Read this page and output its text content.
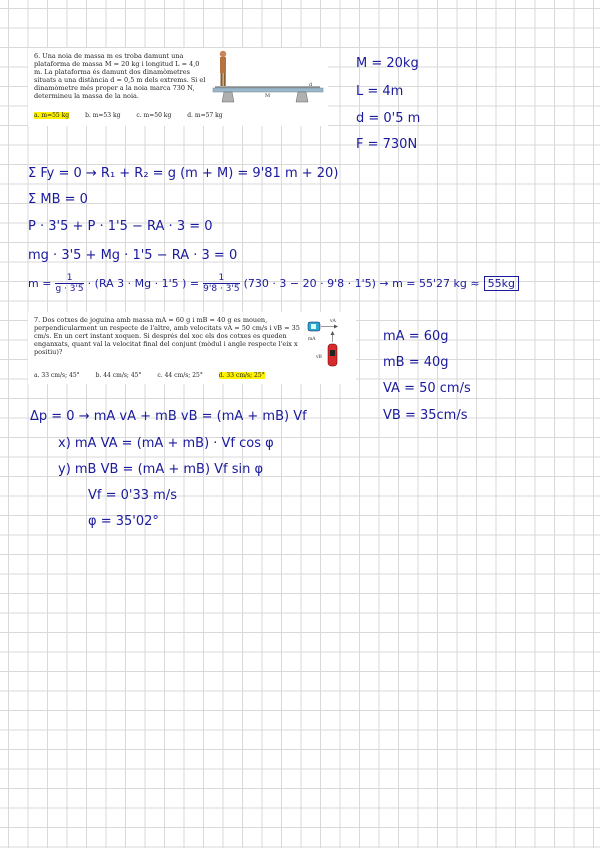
6. Una noia de massa m es troba damunt una plataforma de massa M = 20 kg i longitud L = 4,0 m. La plataforma és damunt dos dinamòmetres situats a una distància d = 0,5 m dels extrems. Si el dinamòmetre més proper a la noia marca 730 N, determineu la massa de la noia.
a. m=55 kg	b. m=53 kg	c. m=50 kg	d. m=57 kg
M
d
M = 20kg
L = 4m
d = 0'5 m
F = 730N
Σ Fy = 0 → R₁ + R₂ = g (m + M) = 9'81 m + 20)
Σ MB = 0
P · 3'5 + P · 1'5 − RA · 3 = 0
mg · 3'5 + Mg · 1'5 − RA · 3 = 0
$m = \frac{1}{g \cdot 3'5} \cdot (RA$ 3 · Mg · 1'5 ) = $\frac{1}{9'8 \cdot 3'5} (730 \cdot 3 - 20 \cdot 9'8 \cdot 1'5) \to m = 55'27$ kg ≈ 55kg
7. Dos cotxes de joguina amb massa mA = 60 g i mB = 40 g es mouen, perpendicularment un respecte de l'altre, amb velocitats vA = 50 cm/s i vB = 35 cm/s. En un cert instant xoquen. Si després del xoc els dos cotxes es queden enganxats, quant val la velocitat final del conjunt (mòdul i angle respecte l'eix x positiu)?
a. 33 cm/s; 45°	b. 44 cm/s; 45°	c. 44 cm/s; 25°	d. 33 cm/s; 25°
vA
mA
vB
mA = 60g
mB = 40g
VA = 50 cm/s
VB = 35cm/s
Δp = 0 → mA vA + mB vB = (mA + mB) Vf
x) mA VA = (mA + mB) · Vf cos φ
y) mB VB = (mA + mB) Vf sin φ
Vf = 0'33 m/s
φ = 35'02°
